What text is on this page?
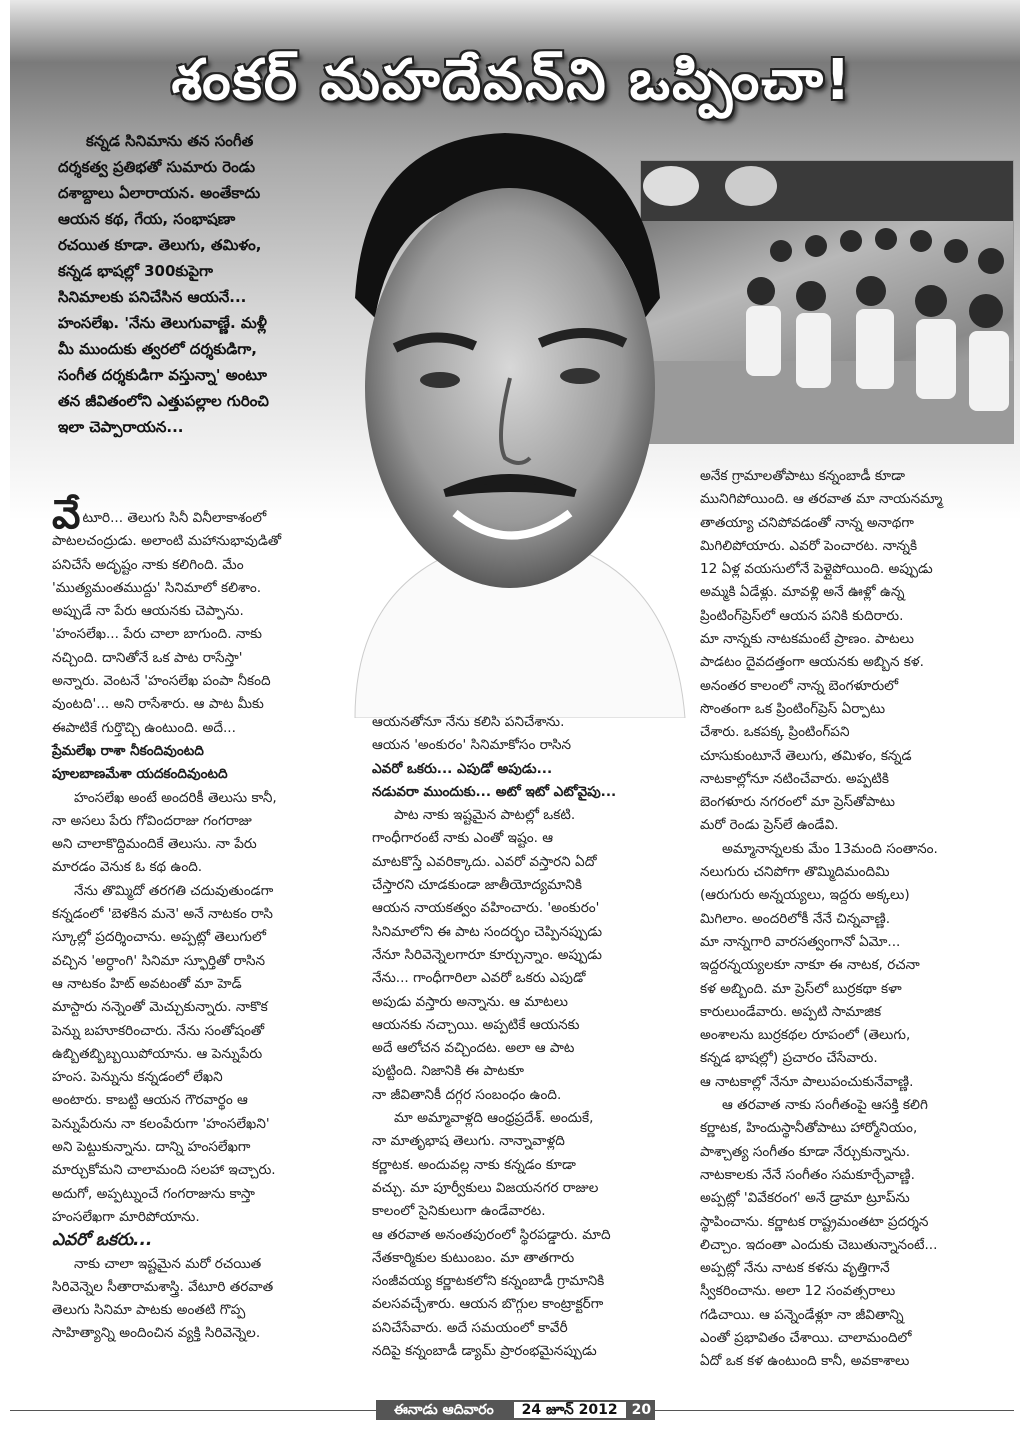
శంకర్ మహదేవన్‌ని ఒప్పించా!
కన్నడ సినిమాను తన సంగీత
దర్శకత్వ ప్రతిభతో సుమారు రెండు
దశాబ్దాలు ఏలారాయన. అంతేకాదు
ఆయన కథ, గేయ, సంభాషణా
రచయిత కూడా. తెలుగు, తమిళం,
కన్నడ భాషల్లో 300కుపైగా
సినిమాలకు పనిచేసిన ఆయనే...
హంసలేఖ. 'నేను తెలుగువాణ్ణే. మళ్లీ
మీ ముందుకు త్వరలో దర్శకుడిగా,
సంగీత దర్శకుడిగా వస్తున్నా' అంటూ
తన జీవితంలోని ఎత్తుపల్లాల గురించి
ఇలా చెప్పారాయన...
వేటూరి... తెలుగు సినీ వినీలాకాశంలో
పాటలచంద్రుడు. అలాంటి మహానుభావుడితో
పనిచేసే అదృష్టం నాకు కలిగింది. మేం
'ముత్యమంతముద్దు' సినిమాలో కలిశాం.
అప్పుడే నా పేరు ఆయనకు చెప్పాను.
'హంసలేఖ... పేరు చాలా బాగుంది. నాకు
నచ్చింది. దానితోనే ఒక పాట రాసేస్తా'
అన్నారు. వెంటనే 'హంసలేఖ పంపా నీకంది
వుంటది'... అని రాసేశారు. ఆ పాట మీకు
ఈపాటికే గుర్తొచ్చి ఉంటుంది. అదే...
ప్రేమలేఖ రాశా నీకందివుంటది
పూలబాణమేశా యదకందివుంటది
హంసలేఖ అంటే అందరికీ తెలుసు కానీ,
నా అసలు పేరు గోవిందరాజు గంగరాజు
అని చాలాకొద్దిమందికే తెలుసు. నా పేరు
మారడం వెనుక ఓ కథ ఉంది.
నేను తొమ్మిదో తరగతి చదువుతుండగా
కన్నడంలో 'బెళకిన మనె' అనే నాటకం రాసి
స్కూల్లో ప్రదర్శించాను. అప్పట్లో తెలుగులో
వచ్చిన 'అర్ధాంగి' సినిమా స్ఫూర్తితో రాసిన
ఆ నాటకం హిట్ అవటంతో మా హెడ్
మాస్టారు నన్నెంతో మెచ్చుకున్నారు. నాకొక
పెన్ను బహూకరించారు. నేను సంతోషంతో
ఉబ్బితబ్బిబ్బయిపోయాను. ఆ పెన్నుపేరు
హంస. పెన్నును కన్నడంలో లేఖని
అంటారు. కాబట్టి ఆయన గౌరవార్థం ఆ
పెన్నుపేరును నా కలంపేరుగా 'హంసలేఖని'
అని పెట్టుకున్నాను. దాన్ని హంసలేఖగా
మార్చుకోమని చాలామంది సలహా ఇచ్చారు.
అదుగో, అప్పట్నుంచే గంగరాజును కాస్తా
హంసలేఖగా మారిపోయాను.
ఎవరో ఒకరు...
నాకు చాలా ఇష్టమైన మరో రచయిత
సిరివెన్నెల సీతారామశాస్త్రి. వేటూరి తరవాత
తెలుగు సినిమా పాటకు అంతటి గొప్ప
సాహిత్యాన్ని అందించిన వ్యక్తి సిరివెన్నెల.
ఆయనతోనూ నేను కలిసి పనిచేశాను.
ఆయన 'అంకురం' సినిమాకోసం రాసిన
ఎవరో ఒకరు... ఎపుడో అపుడు...
నడువరా ముందుకు... అటో ఇటో ఎటోవైపు...
పాట నాకు ఇష్టమైన పాటల్లో ఒకటి.
గాంధీగారంటే నాకు ఎంతో ఇష్టం. ఆ
మాటకొస్తే ఎవరిక్కాదు. ఎవరో వస్తారని ఏదో
చేస్తారని చూడకుండా జాతీయోద్యమానికి
ఆయన నాయకత్వం వహించారు. 'అంకురం'
సినిమాలోని ఈ పాట సందర్భం చెప్పినప్పుడు
నేనూ సిరివెన్నెలగారూ కూర్చున్నాం. అప్పుడు
నేను... గాంధీగారిలా ఎవరో ఒకరు ఎపుడో
అపుడు వస్తారు అన్నాను. ఆ మాటలు
ఆయనకు నచ్చాయి. అప్పటికే ఆయనకు
అదే ఆలోచన వచ్చిందట. అలా ఆ పాట
పుట్టింది. నిజానికి ఈ పాటకూ
నా జీవితానికీ దగ్గర సంబంధం ఉంది.
మా అమ్మావాళ్లది ఆంధ్రప్రదేశ్. అందుకే,
నా మాతృభాష తెలుగు. నాన్నావాళ్లది
కర్ణాటక. అందువల్ల నాకు కన్నడం కూడా
వచ్చు. మా పూర్వీకులు విజయనగర రాజుల
కాలంలో సైనికులుగా ఉండేవారట.
ఆ తరవాత అనంతపురంలో స్థిరపడ్డారు. మాది
నేతకార్మికుల కుటుంబం. మా తాతగారు
సంజీవయ్య కర్ణాటకలోని కన్నంబాడీ గ్రామానికి
వలసవచ్చేశారు. ఆయన బొగ్గుల కాంట్రాక్టర్‌గా
పనిచేసేవారు. అదే సమయంలో కావేరీ
నదిపై కన్నంబాడీ డ్యామ్ ప్రారంభమైనప్పుడు
అనేక గ్రామాలతోపాటు కన్నంబాడీ కూడా
మునిగిపోయింది. ఆ తరవాత మా నాయనమ్మా
తాతయ్యా చనిపోవడంతో నాన్న అనాథగా
మిగిలిపోయారు. ఎవరో పెంచారట. నాన్నకి
12 ఏళ్ల వయసులోనే పెళ్లైపోయింది. అప్పుడు
అమ్మకి ఏడేళ్లు. మావళ్లి అనే ఊళ్లో ఉన్న
ప్రింటింగ్‌ప్రెస్‌లో ఆయన పనికి కుదిరారు.
మా నాన్నకు నాటకమంటే ప్రాణం. పాటలు
పాడటం దైవదత్తంగా ఆయనకు అబ్బిన కళ.
అనంతర కాలంలో నాన్న బెంగళూరులో
సొంతంగా ఒక ప్రింటింగ్‌ప్రెస్ ఏర్పాటు
చేశారు. ఒకపక్క ప్రింటింగ్‌పని
చూసుకుంటూనే తెలుగు, తమిళం, కన్నడ
నాటకాల్లోనూ నటించేవారు. అప్పటికి
బెంగళూరు నగరంలో మా ప్రెస్‌తోపాటు
మరో రెండు ప్రెస్‌లే ఉండేవి.
అమ్మానాన్నలకు మేం 13మంది సంతానం.
నలుగురు చనిపోగా తొమ్మిదిమందిమి
(ఆరుగురు అన్నయ్యలు, ఇద్దరు అక్కలు)
మిగిలాం. అందరిలోకీ నేనే చిన్నవాణ్ణి.
మా నాన్నగారి వారసత్వంగానో ఏమో...
ఇద్దరన్నయ్యలకూ నాకూ ఈ నాటక, రచనా
కళ అబ్బింది. మా ప్రెస్‌లో బుర్రకథా కళా
కారులుండేవారు. అప్పటి సామాజిక
అంశాలను బుర్రకథల రూపంలో (తెలుగు,
కన్నడ భాషల్లో) ప్రచారం చేసేవారు.
ఆ నాటకాల్లో నేనూ పాలుపంచుకునేవాణ్ణి.
ఆ తరవాత నాకు సంగీతంపై ఆసక్తి కలిగి
కర్ణాటక, హిందుస్థానీతోపాటు హార్మోనియం,
పాశ్చాత్య సంగీతం కూడా నేర్చుకున్నాను.
నాటకాలకు నేనే సంగీతం సమకూర్చేవాణ్ణి.
అప్పట్లో 'వివేకరంగ' అనే డ్రామా ట్రూప్‌ను
స్థాపించాను. కర్ణాటక రాష్ట్రమంతటా ప్రదర్శన
లిచ్చాం. ఇదంతా ఎందుకు చెబుతున్నానంటే...
అప్పట్లో నేను నాటక కళను వృత్తిగానే
స్వీకరించాను. అలా 12 సంవత్సరాలు
గడిచాయి. ఆ పన్నెండేళ్లూ నా జీవితాన్ని
ఎంతో ప్రభావితం చేశాయి. చాలామందిలో
ఏదో ఒక కళ ఉంటుంది కానీ, అవకాశాలు
ఈనాడు ఆదివారం	24 జూన్ 2012	20
